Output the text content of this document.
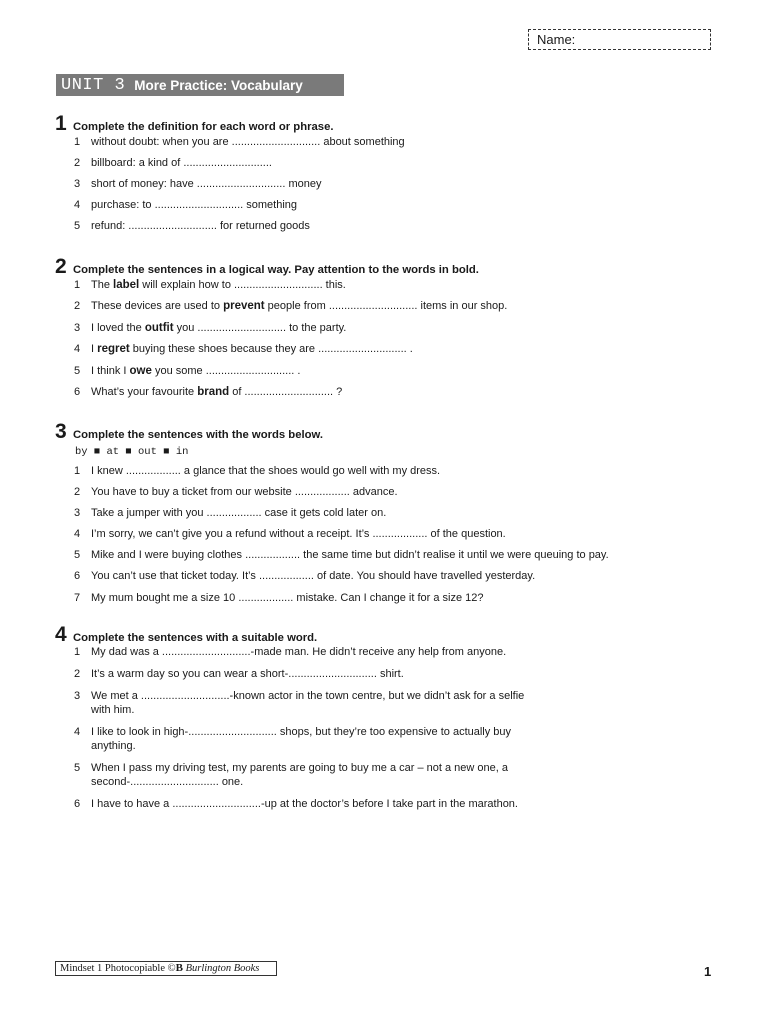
Name:
UNIT 3 More Practice: Vocabulary
1 Complete the definition for each word or phrase.
1 without doubt: when you are ............................. about something
2 billboard: a kind of .............................
3 short of money: have ............................. money
4 purchase: to ............................. something
5 refund: ............................. for returned goods
2 Complete the sentences in a logical way. Pay attention to the words in bold.
1 The label will explain how to ............................. this.
2 These devices are used to prevent people from ............................. items in our shop.
3 I loved the outfit you ............................. to the party.
4 I regret buying these shoes because they are ............................. .
5 I think I owe you some ............................. .
6 What’s your favourite brand of ............................. ?
3 Complete the sentences with the words below.
by ■ at ■ out ■ in
1 I knew .................. a glance that the shoes would go well with my dress.
2 You have to buy a ticket from our website .................. advance.
3 Take a jumper with you .................. case it gets cold later on.
4 I’m sorry, we can’t give you a refund without a receipt. It’s .................. of the question.
5 Mike and I were buying clothes .................. the same time but didn’t realise it until we were queuing to pay.
6 You can’t use that ticket today. It’s .................. of date. You should have travelled yesterday.
7 My mum bought me a size 10 .................. mistake. Can I change it for a size 12?
4 Complete the sentences with a suitable word.
1 My dad was a .............................-made man. He didn’t receive any help from anyone.
2 It’s a warm day so you can wear a short-............................. shirt.
3 We met a .............................-known actor in the town centre, but we didn’t ask for a selfie with him.
4 I like to look in high-............................. shops, but they’re too expensive to actually buy anything.
5 When I pass my driving test, my parents are going to buy me a car – not a new one, a second-............................. one.
6 I have to have a .............................-up at the doctor’s before I take part in the marathon.
Mindset 1 Photocopiable ©B Burlington Books	1
